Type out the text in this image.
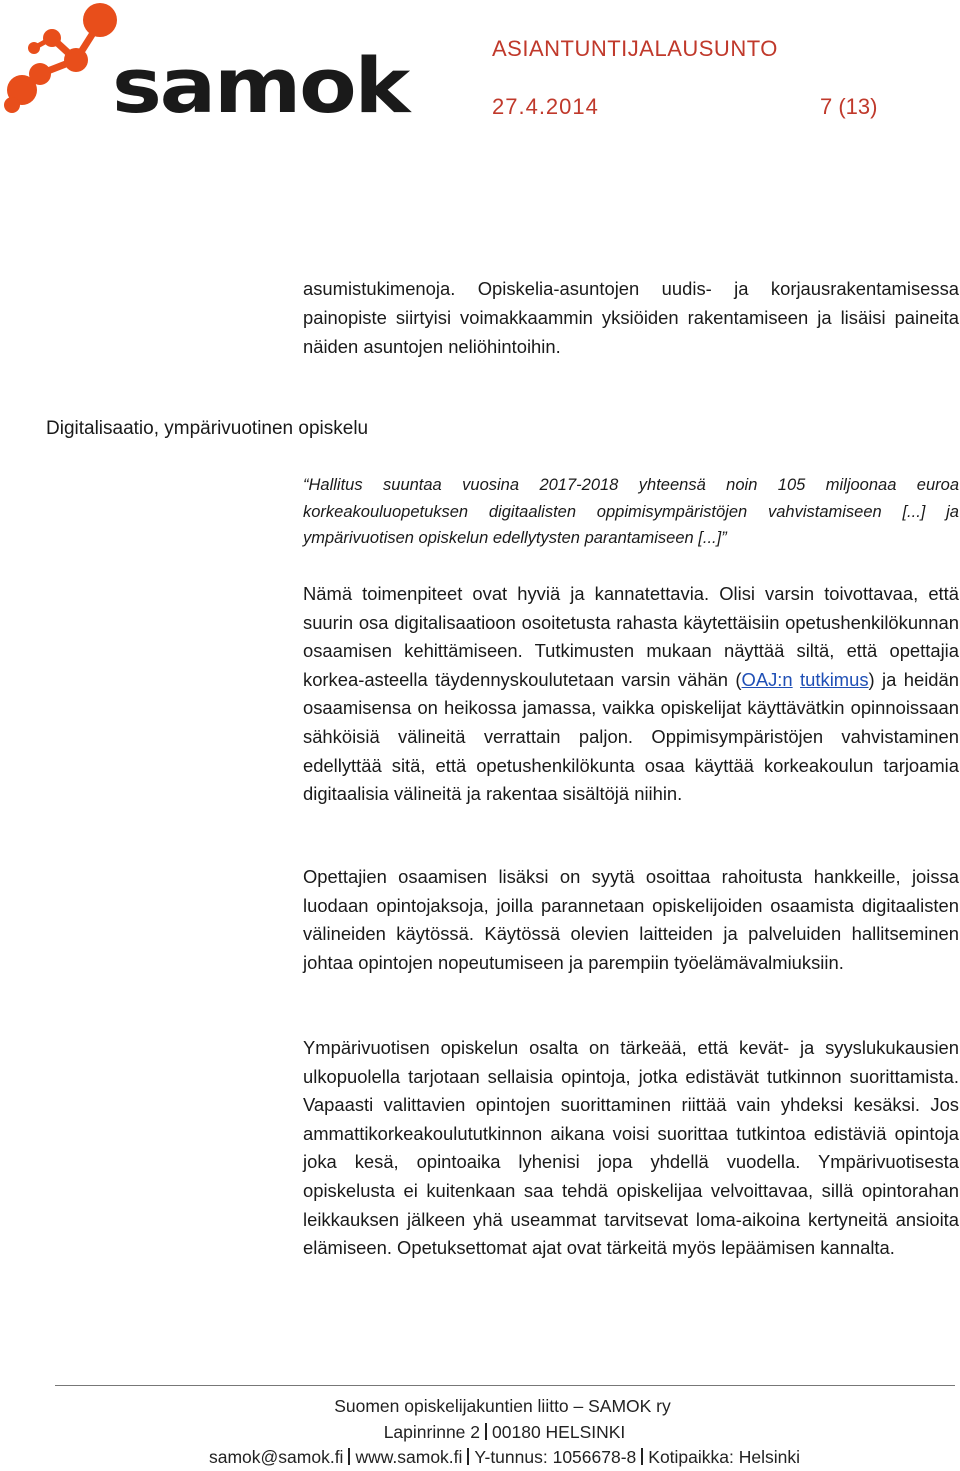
samok	ASIANTUNTIJALAUSUNTO
27.4.2014	7 (13)

asumistukimenoja. Opiskelia-asuntojen uudis- ja korjausrakentamisessa painopiste siirtyisi voimakkaammin yksiöiden rakentamiseen ja lisäisi paineita näiden asuntojen neliöhintoihin.

Digitalisaatio, ympärivuotinen opiskelu

“Hallitus suuntaa vuosina 2017-2018 yhteensä noin 105 miljoonaa euroa korkeakouluopetuksen digitaalisten oppimisympäristöjen vahvistamiseen [...] ja ympärivuotisen opiskelun edellytysten parantamiseen [...]”

Nämä toimenpiteet ovat hyviä ja kannatettavia. Olisi varsin toivottavaa, että suurin osa digitalisaatioon osoitetusta rahasta käytettäisiin opetushenkilökunnan osaamisen kehittämiseen. Tutkimusten mukaan näyttää siltä, että opettajia korkea-asteella täydennyskoulutetaan varsin vähän (OAJ:n tutkimus) ja heidän osaamisensa on heikossa jamassa, vaikka opiskelijat käyttävätkin opinnoissaan sähköisiä välineitä verrattain paljon. Oppimisympäristöjen vahvistaminen edellyttää sitä, että opetushenkilökunta osaa käyttää korkeakoulun tarjoamia digitaalisia välineitä ja rakentaa sisältöjä niihin.

Opettajien osaamisen lisäksi on syytä osoittaa rahoitusta hankkeille, joissa luodaan opintojaksoja, joilla parannetaan opiskelijoiden osaamista digitaalisten välineiden käytössä. Käytössä olevien laitteiden ja palveluiden hallitseminen johtaa opintojen nopeutumiseen ja parempiin työelämävalmiuksiin.

Ympärivuotisen opiskelun osalta on tärkeää, että kevät- ja syyslukukausien ulkopuolella tarjotaan sellaisia opintoja, jotka edistävät tutkinnon suorittamista. Vapaasti valittavien opintojen suorittaminen riittää vain yhdeksi kesäksi. Jos ammattikorkeakoulututkinnon aikana voisi suorittaa tutkintoa edistäviä opintoja joka kesä, opintoaika lyhenisi jopa yhdellä vuodella. Ympärivuotisesta opiskelusta ei kuitenkaan saa tehdä opiskelijaa velvoittavaa, sillä opintorahan leikkauksen jälkeen yhä useammat tarvitsevat loma-aikoina kertyneitä ansioita elämiseen. Opetuksettomat ajat ovat tärkeitä myös lepäämisen kannalta.

Suomen opiskelijakuntien liitto – SAMOK ry
Lapinrinne 2 00180 HELSINKI
samok@samok.fi www.samok.fi Y-tunnus: 1056678-8 Kotipaikka: Helsinki
